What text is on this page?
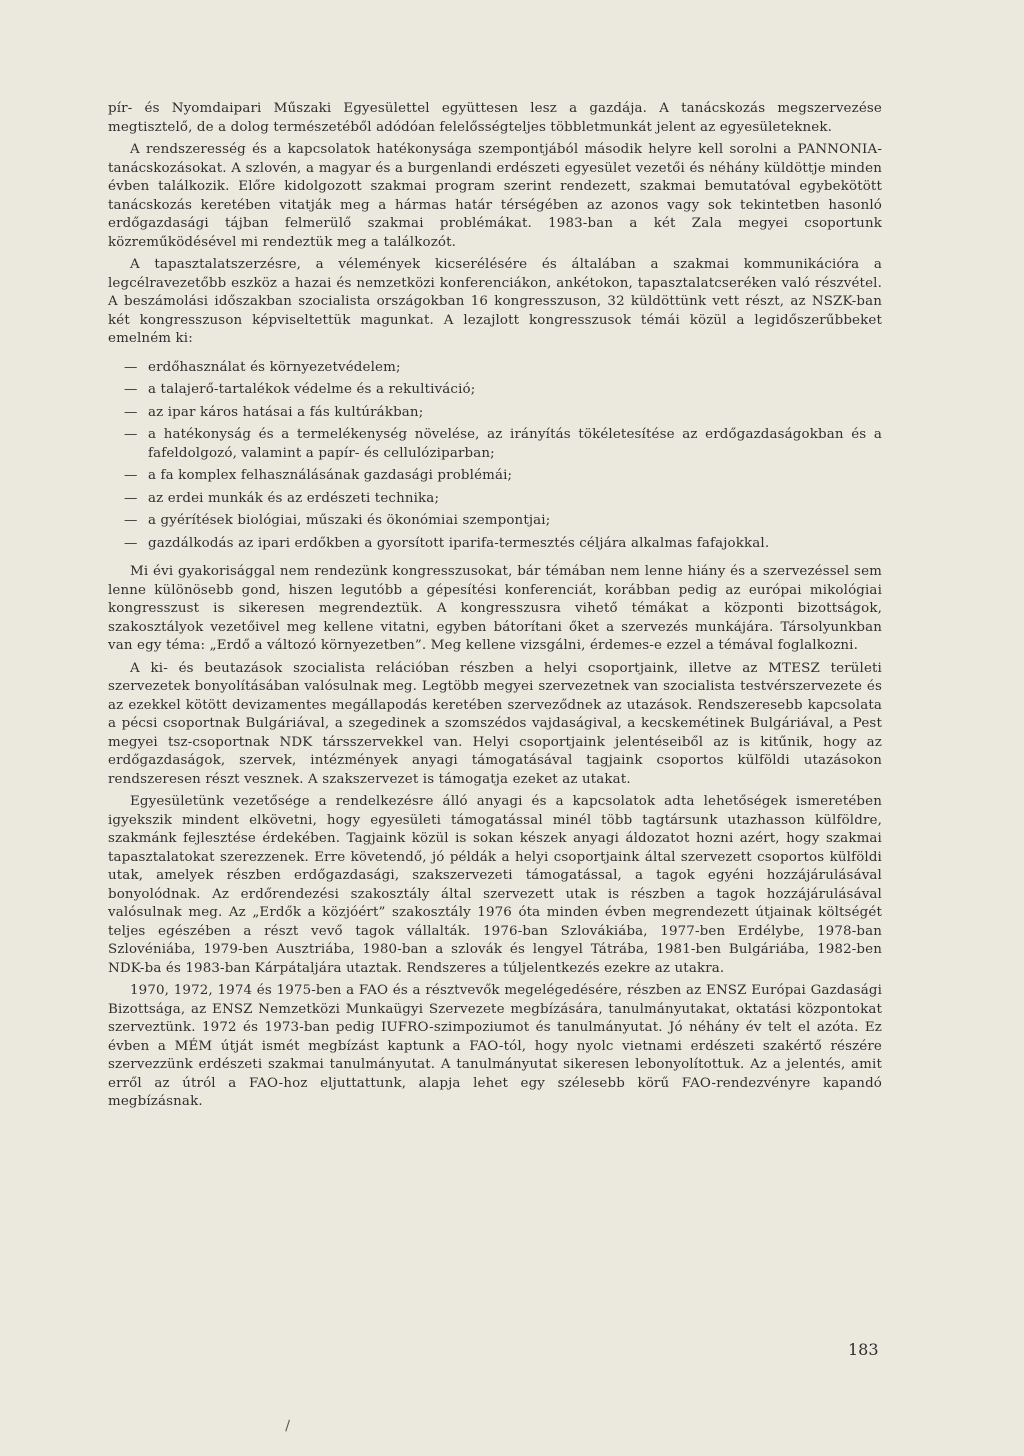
pír- és Nyomdaipari Műszaki Egyesülettel együttesen lesz a gazdája. A tanácskozás megszervezése megtisztelő, de a dolog természetéből adódóan felelősségteljes többletmunkát jelent az egyesületeknek.

A rendszeresség és a kapcsolatok hatékonysága szempontjából második helyre kell sorolni a PANNONIA-tanácskozásokat. A szlovén, a magyar és a burgenlandi erdészeti egyesület vezetői és néhány küldöttje minden évben találkozik. Előre kidolgozott szakmai program szerint rendezett, szakmai bemutatóval egybekötött tanácskozás keretében vitatják meg a hármas határ térségében az azonos vagy sok tekintetben hasonló erdőgazdasági tájban felmerülő szakmai problémákat. 1983-ban a két Zala megyei csoportunk közreműködésével mi rendeztük meg a találkozót.

A tapasztalatszerzésre, a vélemények kicserélésére és általában a szakmai kommunikációra a legcélravezetőbb eszköz a hazai és nemzetközi konferenciákon, ankétokon, tapasztalatcseréken való részvétel. A beszámolási időszakban szocialista országokban 16 kongresszuson, 32 küldöttünk vett részt, az NSZK-ban két kongresszuson képviseltettük magunkat. A lezajlott kongresszusok témái közül a legidőszerűbbeket emelném ki:

— erdőhasználat és környezetvédelem;
— a talajerő-tartalékok védelme és a rekultiváció;
— az ipar káros hatásai a fás kultúrákban;
— a hatékonyság és a termelékenység növelése, az irányítás tökéletesítése az erdőgazdaságokban és a fafeldolgozó, valamint a papír- és cellulóziparban;
— a fa komplex felhasználásának gazdasági problémái;
— az erdei munkák és az erdészeti technika;
— a gyérítések biológiai, műszaki és ökonómiai szempontjai;
— gazdálkodás az ipari erdőkben a gyorsított iparifa-termesztés céljára alkalmas fafajokkal.

Mi évi gyakorisággal nem rendezünk kongresszusokat, bár témában nem lenne hiány és a szervezéssel sem lenne különösebb gond, hiszen legutóbb a gépesítési konferenciát, korábban pedig az európai mikológiai kongresszust is sikeresen megrendeztük. A kongresszusra vihető témákat a központi bizottságok, szakosztályok vezetőivel meg kellene vitatni, egyben bátorítani őket a szervezés munkájára. Társolyunkban van egy téma: „Erdő a változó környezetben”. Meg kellene vizsgálni, érdemes-e ezzel a témával foglalkozni.

A ki- és beutazások szocialista relációban részben a helyi csoportjaink, illetve az MTESZ területi szervezetek bonyolításában valósulnak meg. Legtöbb megyei szervezetnek van szocialista testvérszervezete és az ezekkel kötött devizamentes megállapodás keretében szerveződnek az utazások. Rendszeresebb kapcsolata a pécsi csoportnak Bulgáriával, a szegedinek a szomszédos vajdaságival, a kecskemétinek Bulgáriával, a Pest megyei tsz-csoportnak NDK társszervekkel van. Helyi csoportjaink jelentéseiből az is kitűnik, hogy az erdőgazdaságok, szervek, intézmények anyagi támogatásával tagjaink csoportos külföldi utazásokon rendszeresen részt vesznek. A szakszervezet is támogatja ezeket az utakat.

Egyesületünk vezetősége a rendelkezésre álló anyagi és a kapcsolatok adta lehetőségek ismeretében igyekszik mindent elkövetni, hogy egyesületi támogatással minél több tagtársunk utazhasson külföldre, szakmánk fejlesztése érdekében. Tagjaink közül is sokan készek anyagi áldozatot hozni azért, hogy szakmai tapasztalatokat szerezzenek. Erre követendő, jó példák a helyi csoportjaink által szervezett csoportos külföldi utak, amelyek részben erdőgazdasági, szakszervezeti támogatással, a tagok egyéni hozzájárulásával bonyolódnak. Az erdőrendezési szakosztály által szervezett utak is részben a tagok hozzájárulásával valósulnak meg. Az „Erdők a közjóért” szakosztály 1976 óta minden évben megrendezett útjainak költségét teljes egészében a részt vevő tagok vállalták. 1976-ban Szlovákiába, 1977-ben Erdélybe, 1978-ban Szlovéniába, 1979-ben Ausztriába, 1980-ban a szlovák és lengyel Tátrába, 1981-ben Bulgáriába, 1982-ben NDK-ba és 1983-ban Kárpátaljára utaztak. Rendszeres a túljelentkezés ezekre az utakra.

1970, 1972, 1974 és 1975-ben a FAO és a résztvevők megelégedésére, részben az ENSZ Európai Gazdasági Bizottsága, az ENSZ Nemzetközi Munkaügyi Szervezete megbízására, tanulmányutakat, oktatási központokat szerveztünk. 1972 és 1973-ban pedig IUFRO-szimpoziumot és tanulmányutat. Jó néhány év telt el azóta. Ez évben a MÉM útját ismét megbízást kaptunk a FAO-tól, hogy nyolc vietnami erdészeti szakértő részére szervezzünk erdészeti szakmai tanulmányutat. A tanulmányutat sikeresen lebonyolítottuk. Az a jelentés, amit erről az útról a FAO-hoz eljuttattunk, alapja lehet egy szélesebb körű FAO-rendezvényre kapandó megbízásnak.

183
\
